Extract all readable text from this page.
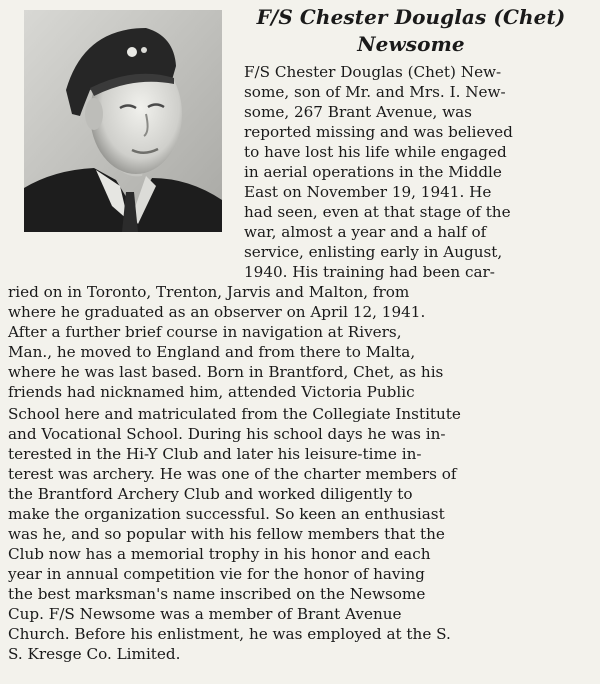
F/S Chester Douglas (Chet)
Newsome
F/S Chester Douglas (Chet) New-
some, son of Mr. and Mrs. I. New-
some, 267 Brant Avenue, was
reported missing and was believed
to have lost his life while engaged
in aerial operations in the Middle
East on November 19, 1941. He
had seen, even at that stage of the
war, almost a year and a half of
service, enlisting early in August,
1940. His training had been car-
ried on in Toronto, Trenton, Jarvis and Malton, from
where he graduated as an observer on April 12, 1941.
After a further brief course in navigation at Rivers,
Man., he moved to England and from there to Malta,
where he was last based. Born in Brantford, Chet, as his
friends had nicknamed him, attended Victoria Public
School here and matriculated from the Collegiate Institute
and Vocational School. During his school days he was in-
terested in the Hi-Y Club and later his leisure-time in-
terest was archery. He was one of the charter members of
the Brantford Archery Club and worked diligently to
make the organization successful. So keen an enthusiast
was he, and so popular with his fellow members that the
Club now has a memorial trophy in his honor and each
year in annual competition vie for the honor of having
the best marksman's name inscribed on the Newsome
Cup. F/S Newsome was a member of Brant Avenue
Church. Before his enlistment, he was employed at the S.
S. Kresge Co. Limited.
